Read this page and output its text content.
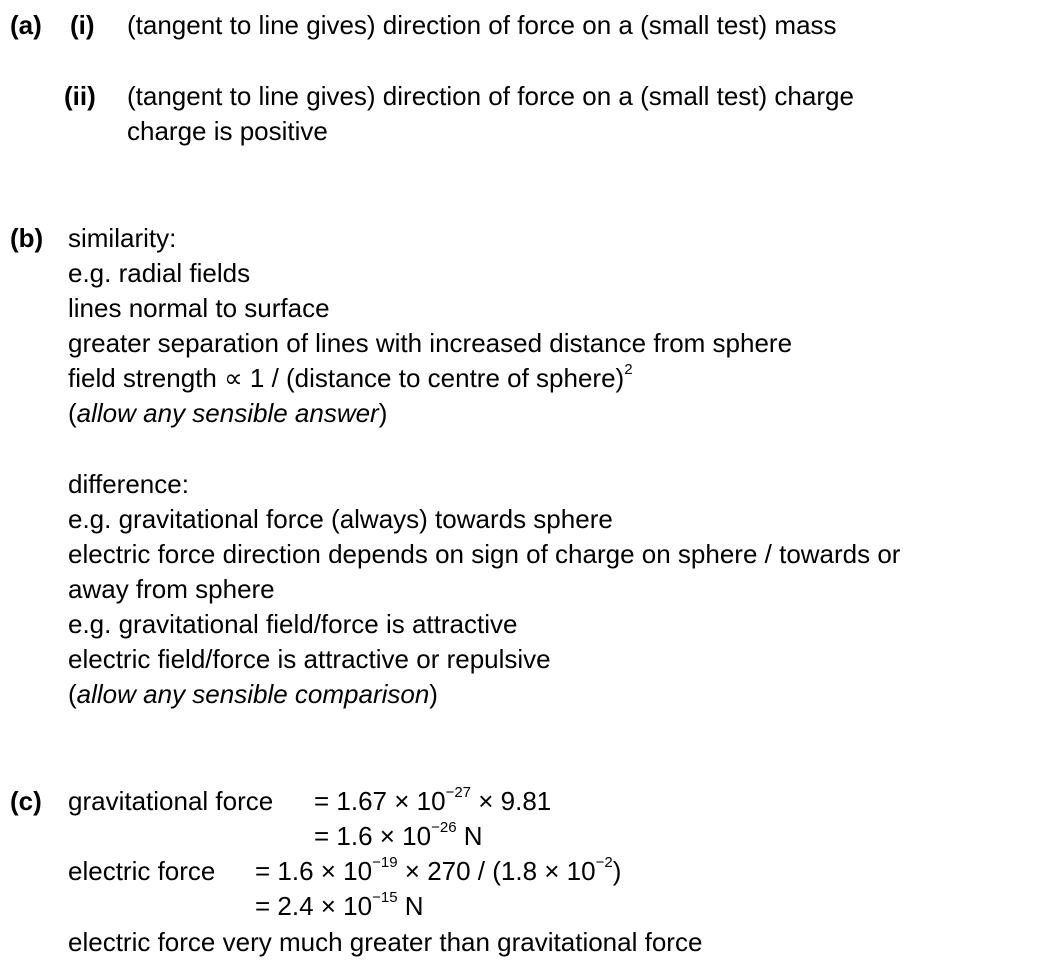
(a) (i) (tangent to line gives) direction of force on a (small test) mass
(ii) (tangent to line gives) direction of force on a (small test) charge
charge is positive
(b) similarity:
e.g. radial fields
lines normal to surface
greater separation of lines with increased distance from sphere
field strength ∝ 1 / (distance to centre of sphere)$^2$
(allow any sensible answer)
difference:
e.g. gravitational force (always) towards sphere
electric force direction depends on sign of charge on sphere / towards or
away from sphere
e.g. gravitational field/force is attractive
electric field/force is attractive or repulsive
(allow any sensible comparison)
(c) gravitational force = $1.67 \times 10^{-27} \times 9.81$
= $1.6 \times 10^{-26}$ N
electric force = $1.6 \times 10^{-19} \times 270 / (1.8 \times 10^{-2})$
= $2.4 \times 10^{-15}$ N
electric force very much greater than gravitational force
